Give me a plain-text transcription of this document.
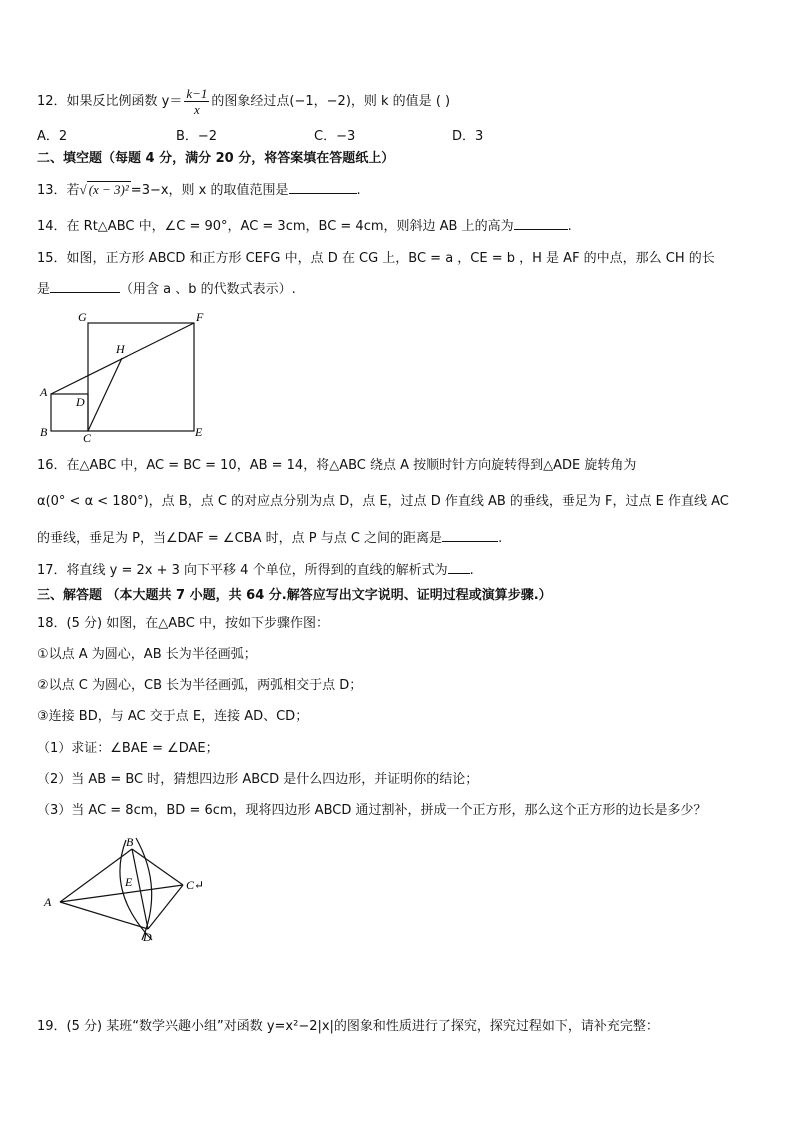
12．如果反比例函数 $y= \frac{k-1}{x}$ 的图象经过点(−1，−2)，则 k 的值是 ( )
A．2	B．−2	C．−3	D．3
二、填空题（每题 4 分，满分 20 分，将答案填在答题纸上）
13．若√ (x − 3)² =3−x，则 x 的取值范围是	.
14．在 Rt△ABC 中，∠C = 90°，AC = 3cm，BC = 4cm，则斜边 AB 上的高为	.
15．如图，正方形 ABCD 和正方形 CEFG 中，点 D 在 CG 上，BC = a ，CE = b ，H 是 AF 的中点，那么 CH 的长
是	（用含 a 、b 的代数式表示）.
G	F
H
A
D
B	C	E
16．在△ABC 中，AC = BC = 10，AB = 14，将△ABC 绕点 A 按顺时针方向旋转得到△ADE 旋转角为
α(0° < α < 180°)，点 B，点 C 的对应点分别为点 D，点 E，过点 D 作直线 AB 的垂线，垂足为 F，过点 E 作直线 AC
的垂线，垂足为 P，当∠DAF = ∠CBA 时，点 P 与点 C 之间的距离是	.
17．将直线 y = 2x + 3 向下平移 4 个单位，所得到的直线的解析式为 .
三、解答题 （本大题共 7 小题，共 64 分.解答应写出文字说明、证明过程或演算步骤.）
18．(5 分) 如图，在△ABC 中，按如下步骤作图：
①以点 A 为圆心，AB 长为半径画弧；
②以点 C 为圆心，CB 长为半径画弧，两弧相交于点 D；
③连接 BD，与 AC 交于点 E，连接 AD、CD；
（1）求证：∠BAE = ∠DAE；
（2）当 AB = BC 时，猜想四边形 ABCD 是什么四边形，并证明你的结论；
（3）当 AC = 8cm，BD = 6cm，现将四边形 ABCD 通过割补，拼成一个正方形，那么这个正方形的边长是多少？
B
A
C↵
E
D
19．(5 分) 某班“数学兴趣小组”对函数 y=x²−2|x|的图象和性质进行了探究，探究过程如下，请补充完整：
